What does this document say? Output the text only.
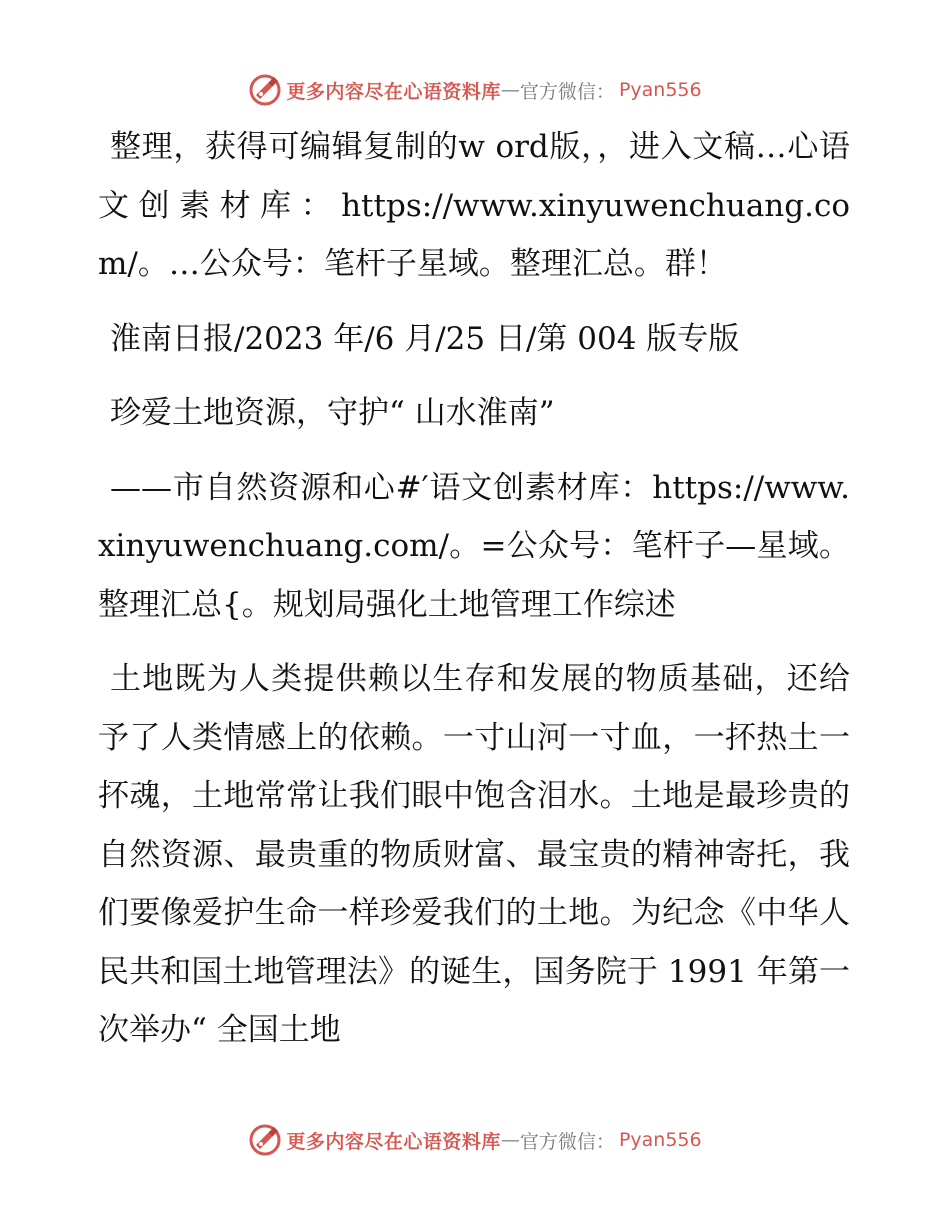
更多内容尽在心语资料库 — 官方微信： Pyan556

整理，获得可编辑复制的w ord版，，进入文稿…心语文创素材库：https://www.xinyuwenchuang.com/。…公众号：笔杆子星域。整理汇总。群！

淮南日报/2023 年/6 月/25 日/第 004 版专版

珍爱土地资源，守护“ 山水淮南”

——市自然资源和心#′语文创素材库：https://www.xinyuwenchuang.com/。=公众号：笔杆子—星域。整理汇总{。规划局强化土地管理工作综述

土地既为人类提供赖以生存和发展的物质基础，还给予了人类情感上的依赖。一寸山河一寸血，一抔热土一抔魂，土地常常让我们眼中饱含泪水。土地是最珍贵的自然资源、最贵重的物质财富、最宝贵的精神寄托，我们要像爱护生命一样珍爱我们的土地。为纪念《中华人民共和国土地管理法》的诞生，国务院于 1991 年第一次举办“ 全国土地

更多内容尽在心语资料库 — 官方微信： Pyan556
